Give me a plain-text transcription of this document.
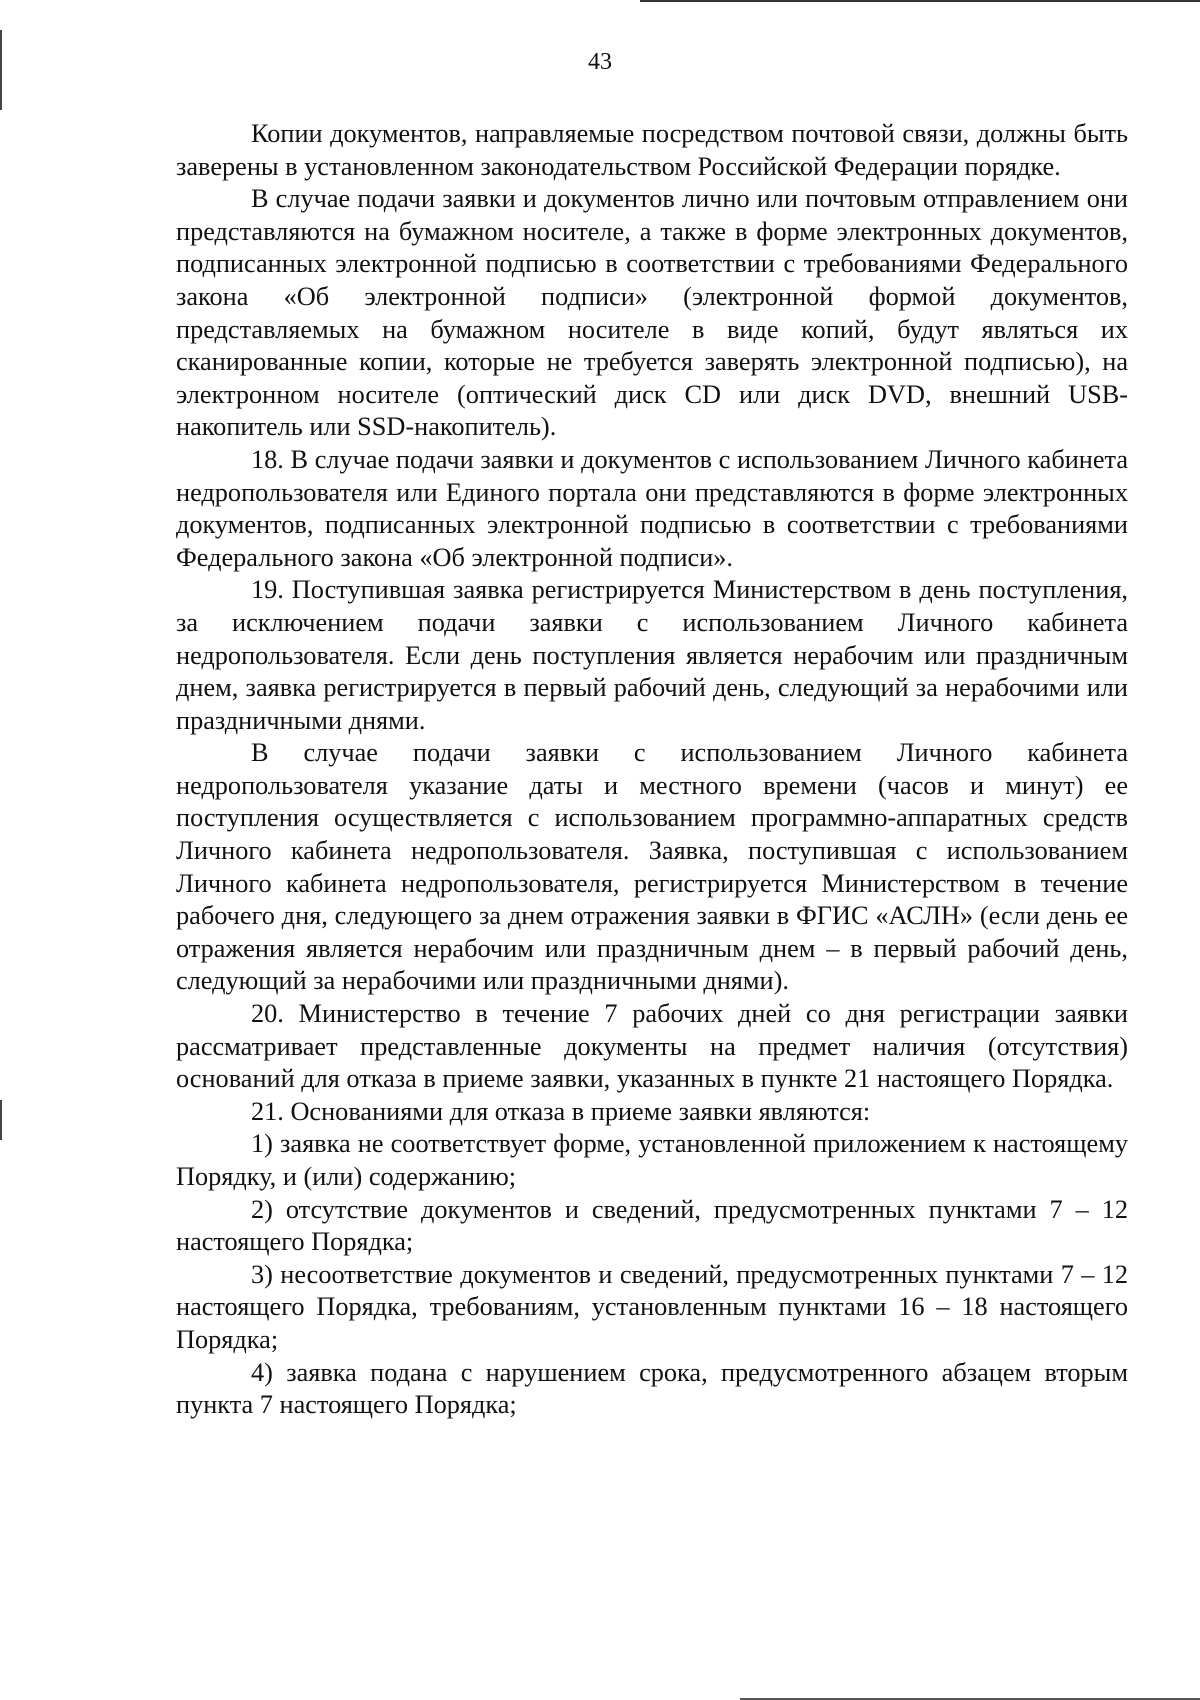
43

Копии документов, направляемые посредством почтовой связи, должны быть заверены в установленном законодательством Российской Федерации порядке.

В случае подачи заявки и документов лично или почтовым отправлением они представляются на бумажном носителе, а также в форме электронных документов, подписанных электронной подписью в соответствии с требованиями Федерального закона «Об электронной подписи» (электронной формой документов, представляемых на бумажном носителе в виде копий, будут являться их сканированные копии, которые не требуется заверять электронной подписью), на электронном носителе (оптический диск CD или диск DVD, внешний USB-накопитель или SSD-накопитель).

18. В случае подачи заявки и документов с использованием Личного кабинета недропользователя или Единого портала они представляются в форме электронных документов, подписанных электронной подписью в соответствии с требованиями Федерального закона «Об электронной подписи».

19. Поступившая заявка регистрируется Министерством в день поступления, за исключением подачи заявки с использованием Личного кабинета недропользователя. Если день поступления является нерабочим или праздничным днем, заявка регистрируется в первый рабочий день, следующий за нерабочими или праздничными днями.

В случае подачи заявки с использованием Личного кабинета недропользователя указание даты и местного времени (часов и минут) ее поступления осуществляется с использованием программно-аппаратных средств Личного кабинета недропользователя. Заявка, поступившая с использованием Личного кабинета недропользователя, регистрируется Министерством в течение рабочего дня, следующего за днем отражения заявки в ФГИС «АСЛН» (если день ее отражения является нерабочим или праздничным днем – в первый рабочий день, следующий за нерабочими или праздничными днями).

20. Министерство в течение 7 рабочих дней со дня регистрации заявки рассматривает представленные документы на предмет наличия (отсутствия) оснований для отказа в приеме заявки, указанных в пункте 21 настоящего Порядка.

21. Основаниями для отказа в приеме заявки являются:

1) заявка не соответствует форме, установленной приложением к настоящему Порядку, и (или) содержанию;

2) отсутствие документов и сведений, предусмотренных пунктами 7 – 12 настоящего Порядка;

3) несоответствие документов и сведений, предусмотренных пунктами 7 – 12 настоящего Порядка, требованиям, установленным пунктами 16 – 18 настоящего Порядка;

4) заявка подана с нарушением срока, предусмотренного абзацем вторым пункта 7 настоящего Порядка;
